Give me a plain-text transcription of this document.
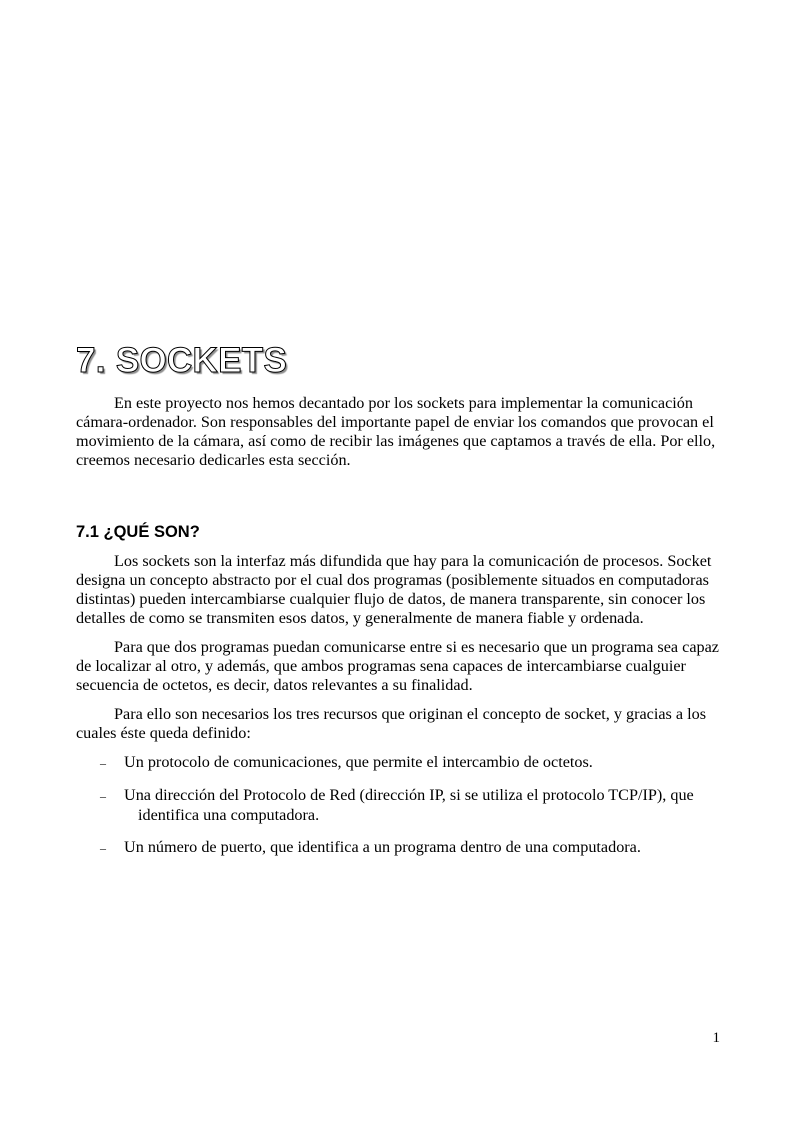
7. SOCKETS

En este proyecto nos hemos decantado por los sockets para implementar la comunicación cámara-ordenador. Son responsables del importante papel de enviar los comandos que provocan el movimiento de la cámara, así como de recibir las imágenes que captamos a través de ella. Por ello, creemos necesario dedicarles esta sección.

7.1 ¿QUÉ SON?

Los sockets son la interfaz más difundida que hay para la comunicación de procesos. Socket designa un concepto abstracto por el cual dos programas (posiblemente situados en computadoras distintas) pueden intercambiarse cualquier flujo de datos, de manera transparente, sin conocer los detalles de como se transmiten esos datos, y generalmente de manera fiable y ordenada.

Para que dos programas puedan comunicarse entre si es necesario que un programa sea capaz de localizar al otro, y además, que ambos programas sena capaces de intercambiarse cualguier secuencia de octetos, es decir, datos relevantes a su finalidad.

Para ello son necesarios los tres recursos que originan el concepto de socket, y gracias a los cuales éste queda definido:

– Un protocolo de comunicaciones, que permite el intercambio de octetos.
– Una dirección del Protocolo de Red (dirección IP, si se utiliza el protocolo TCP/IP), que identifica una computadora.
– Un número de puerto, que identifica a un programa dentro de una computadora.
1
